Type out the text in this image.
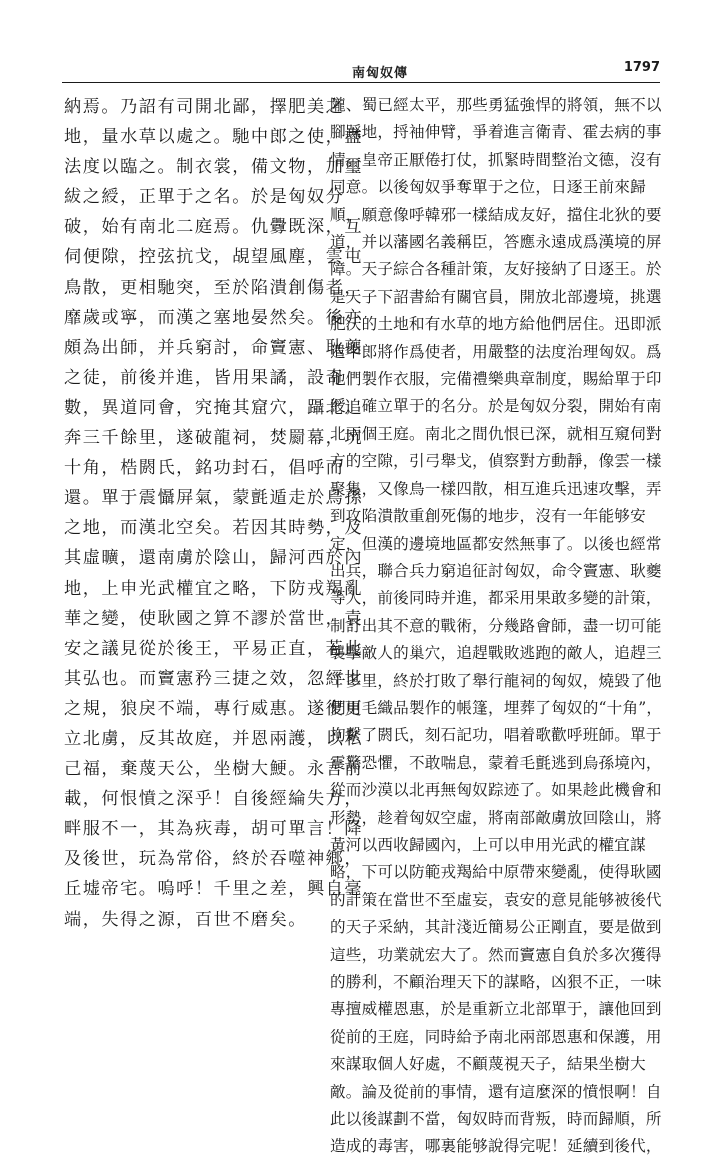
南匈奴傳	1797

納焉。乃詔有司開北鄙，擇肥美之
地，量水草以處之。馳中郎之使，盡
法度以臨之。制衣裳，備文物，加璽
紱之綬，正單于之名。於是匈奴分
破，始有南北二庭焉。仇釁既深，互
伺便隙，控弦抗戈，覘望風塵，雲屯
鳥散，更相馳突，至於陷潰創傷者，
靡歲或寧，而漢之塞地晏然矣。後亦
頗為出師，并兵窮討，命竇憲、耿夔
之徒，前後并進，皆用果譎，設奇
數，異道同會，究掩其窟穴，躡北追
奔三千餘里，遂破龍祠，焚罽幕，坑
十角，梏閼氏，銘功封石，倡呼而
還。單于震懾屏氣，蒙氈遁走於烏孫
之地，而漢北空矣。若因其時勢，及
其虛曠，還南虜於陰山，歸河西於內
地，上申光武權宜之略，下防戎羯亂
華之變，使耿國之算不謬於當世，袁
安之議見從於後王，平易正直，若此
其弘也。而竇憲矜三捷之效，忽經世
之規，狼戾不端，專行威惠。遂復更
立北虜，反其故庭，并恩兩護，以私
己福，棄蔑天公，坐樹大鯁。永言前
載，何恨憤之深乎！自後經綸失方，
畔服不一，其為疢毒，胡可單言！降
及後世，玩為常俗，終於吞噬神鄉，
丘墟帝宅。嗚呼！千里之差，興自毫
端，失得之源，百世不磨矣。

隴、蜀已經太平，那些勇猛強悍的將領，無不以
腳踩地，捋袖伸臂，爭着進言衛青、霍去病的事
情。皇帝正厭倦打仗，抓緊時間整治文德，沒有
同意。以後匈奴爭奪單于之位，日逐王前來歸
順，願意像呼韓邪一樣結成友好，擋住北狄的要
道，并以藩國名義稱臣，答應永遠成爲漢境的屏
障。天子綜合各種計策，友好接納了日逐王。於
是天子下詔書給有關官員，開放北部邊境，挑選
肥沃的土地和有水草的地方給他們居住。迅即派
遣中郎將作爲使者，用嚴整的法度治理匈奴。爲
他們製作衣服，完備禮樂典章制度，賜給單于印
綬，確立單于的名分。於是匈奴分裂，開始有南
北兩個王庭。南北之間仇恨已深，就相互窺伺對
方的空隙，引弓舉戈，偵察對方動靜，像雲一樣
聚集，又像鳥一樣四散，相互進兵迅速攻擊，弄
到攻陷潰散重創死傷的地步，沒有一年能够安
定，但漢的邊境地區都安然無事了。以後也經常
出兵，聯合兵力窮追征討匈奴，命令竇憲、耿夔
等人，前後同時并進，都采用果敢多變的計策，
制訂出其不意的戰術，分幾路會師，盡一切可能
襲擊敵人的巢穴，追趕戰敗逃跑的敵人，追趕三
千多里，終於打敗了舉行龍祠的匈奴，燒毀了他
們用毛織品製作的帳篷，埋葬了匈奴的“十角”，
拘繫了閼氏，刻石記功，唱着歌歡呼班師。單于
震驚恐懼，不敢喘息，蒙着毛氈逃到烏孫境內，
從而沙漠以北再無匈奴踪迹了。如果趁此機會和
形勢，趁着匈奴空虛，將南部敵虜放回陰山，將
黃河以西收歸國內，上可以申用光武的權宜謀
略，下可以防範戎羯給中原帶來變亂，使得耿國
的計策在當世不至虛妄，袁安的意見能够被後代
的天子采納，其計淺近簡易公正剛直，要是做到
這些，功業就宏大了。然而竇憲自負於多次獲得
的勝利，不顧治理天下的謀略，凶狠不正，一味
專擅威權恩惠，於是重新立北部單于，讓他回到
從前的王庭，同時給予南北兩部恩惠和保護，用
來謀取個人好處，不顧蔑視天子，結果坐樹大
敵。論及從前的事情，還有這麼深的憤恨啊！自
此以後謀劃不當，匈奴時而背叛，時而歸順，所
造成的毒害，哪裏能够說得完呢！延續到後代，
